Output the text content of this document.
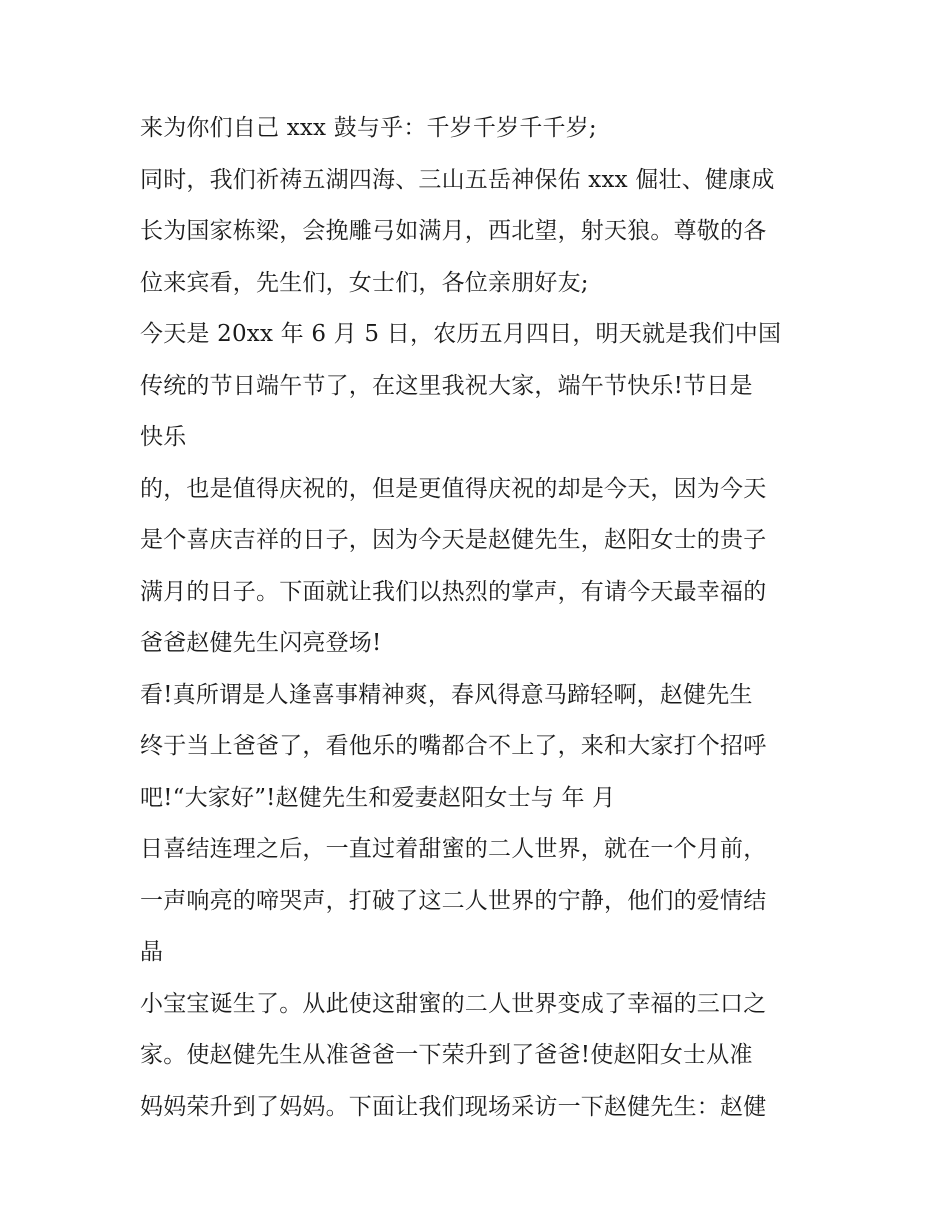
来为你们自己 xxx 鼓与乎：千岁千岁千千岁;
同时，我们祈祷五湖四海、三山五岳神保佑 xxx 倔壮、健康成
长为国家栋梁，会挽雕弓如满月，西北望，射天狼。尊敬的各
位来宾看，先生们，女士们，各位亲朋好友;
今天是 20xx 年 6 月 5 日，农历五月四日，明天就是我们中国
传统的节日端午节了，在这里我祝大家，端午节快乐!节日是
快乐
的，也是值得庆祝的，但是更值得庆祝的却是今天，因为今天
是个喜庆吉祥的日子，因为今天是赵健先生，赵阳女士的贵子
满月的日子。下面就让我们以热烈的掌声，有请今天最幸福的
爸爸赵健先生闪亮登场!
看!真所谓是人逢喜事精神爽，春风得意马蹄轻啊，赵健先生
终于当上爸爸了，看他乐的嘴都合不上了，来和大家打个招呼
吧!“大家好”!赵健先生和爱妻赵阳女士与 年 月
日喜结连理之后，一直过着甜蜜的二人世界，就在一个月前，
一声响亮的啼哭声，打破了这二人世界的宁静，他们的爱情结
晶
小宝宝诞生了。从此使这甜蜜的二人世界变成了幸福的三口之
家。使赵健先生从准爸爸一下荣升到了爸爸!使赵阳女士从准
妈妈荣升到了妈妈。下面让我们现场采访一下赵健先生：赵健
